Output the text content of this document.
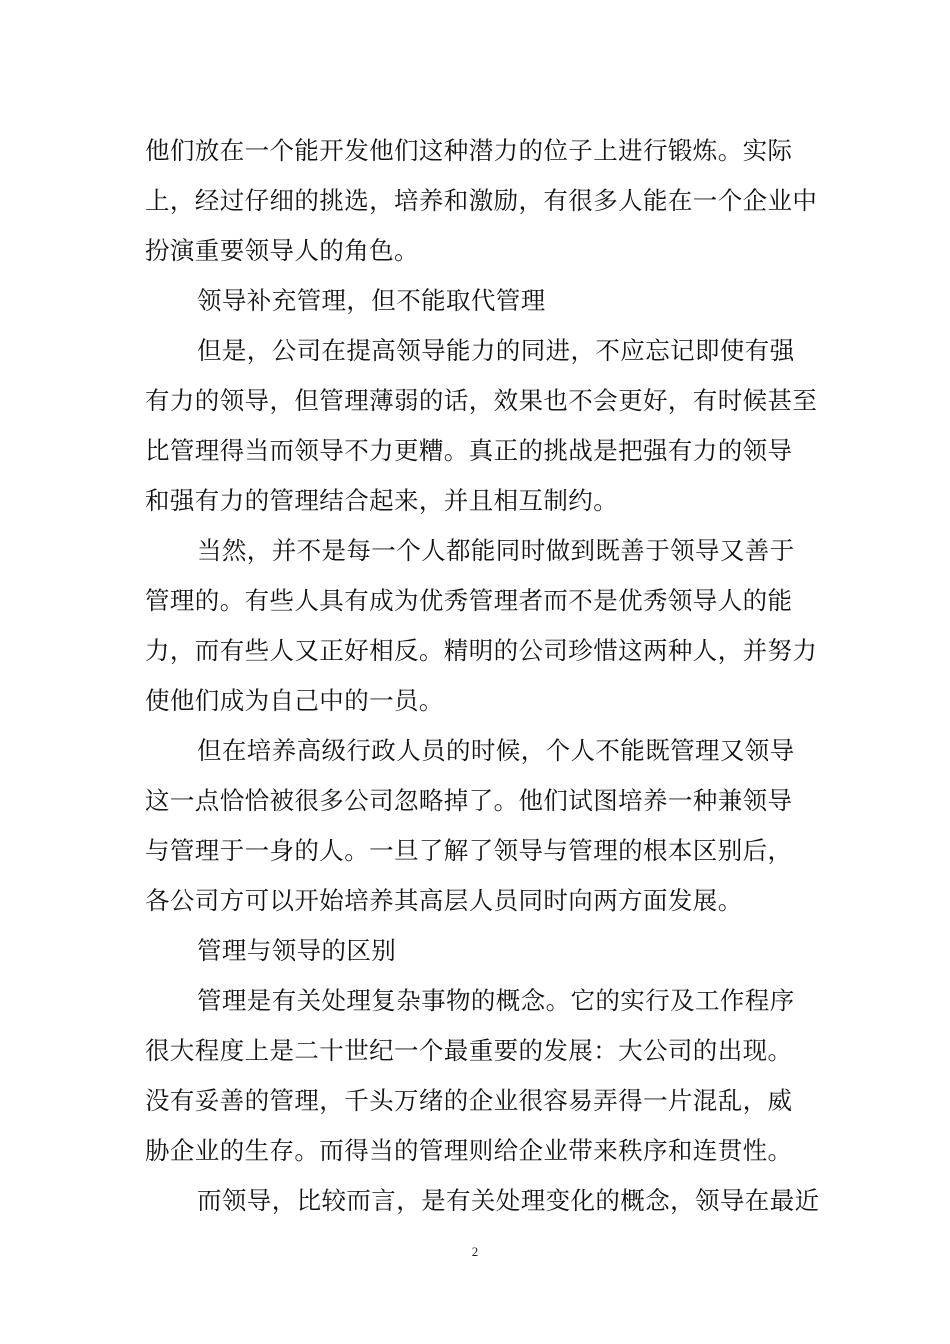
他们放在一个能开发他们这种潜力的位子上进行锻炼。实际
上，经过仔细的挑选，培养和激励，有很多人能在一个企业中
扮演重要领导人的角色。
领导补充管理，但不能取代管理
但是，公司在提高领导能力的同进，不应忘记即使有强
有力的领导，但管理薄弱的话，效果也不会更好，有时候甚至
比管理得当而领导不力更糟。真正的挑战是把强有力的领导
和强有力的管理结合起来，并且相互制约。
当然，并不是每一个人都能同时做到既善于领导又善于
管理的。有些人具有成为优秀管理者而不是优秀领导人的能
力，而有些人又正好相反。精明的公司珍惜这两种人，并努力
使他们成为自己中的一员。
但在培养高级行政人员的时候，个人不能既管理又领导
这一点恰恰被很多公司忽略掉了。他们试图培养一种兼领导
与管理于一身的人。一旦了解了领导与管理的根本区别后，
各公司方可以开始培养其高层人员同时向两方面发展。
管理与领导的区别
管理是有关处理复杂事物的概念。它的实行及工作程序
很大程度上是二十世纪一个最重要的发展：大公司的出现。
没有妥善的管理，千头万绪的企业很容易弄得一片混乱，威
胁企业的生存。而得当的管理则给企业带来秩序和连贯性。
而领导，比较而言，是有关处理变化的概念，领导在最近
2
